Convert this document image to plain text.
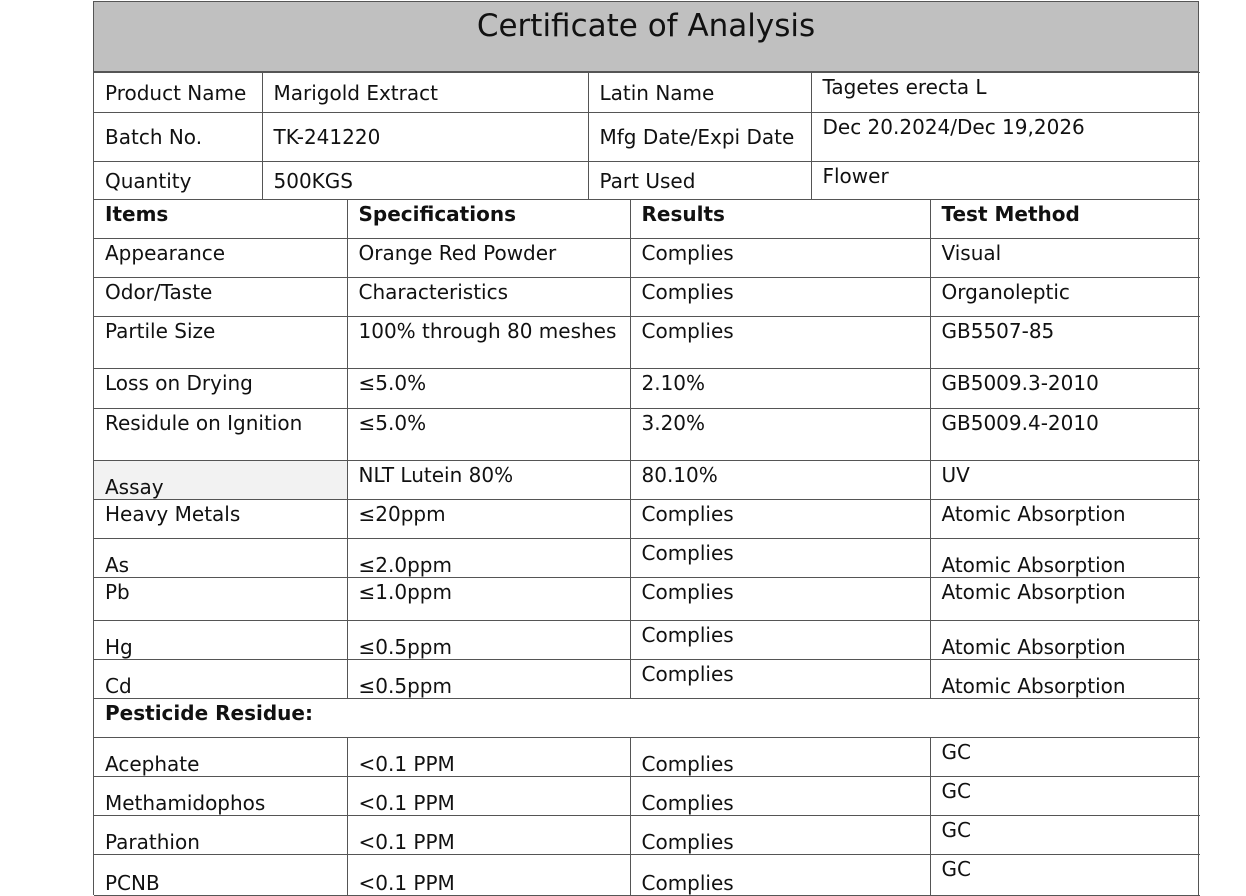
Certificate of Analysis
Product Name	Marigold Extract	Latin Name	Tagetes erecta L
Batch No.	TK-241220	Mfg Date/Expi Date	Dec 20.2024/Dec 19,2026
Quantity	500KGS	Part Used	Flower
Items	Specifications	Results	Test Method
Appearance	Orange Red Powder	Complies	Visual
Odor/Taste	Characteristics	Complies	Organoleptic
Partile Size	100% through 80 meshes	Complies	GB5507-85
Loss on Drying	≤5.0%	2.10%	GB5009.3-2010
Residule on Ignition	≤5.0%	3.20%	GB5009.4-2010
Assay	NLT Lutein 80%	80.10%	UV
Heavy Metals	≤20ppm	Complies	Atomic Absorption
As	≤2.0ppm	Complies	Atomic Absorption
Pb	≤1.0ppm	Complies	Atomic Absorption
Hg	≤0.5ppm	Complies	Atomic Absorption
Cd	≤0.5ppm	Complies	Atomic Absorption
Pesticide Residue:			
Acephate	<0.1 PPM	Complies	GC
Methamidophos	<0.1 PPM	Complies	GC
Parathion	<0.1 PPM	Complies	GC
PCNB	<0.1 PPM	Complies	GC
